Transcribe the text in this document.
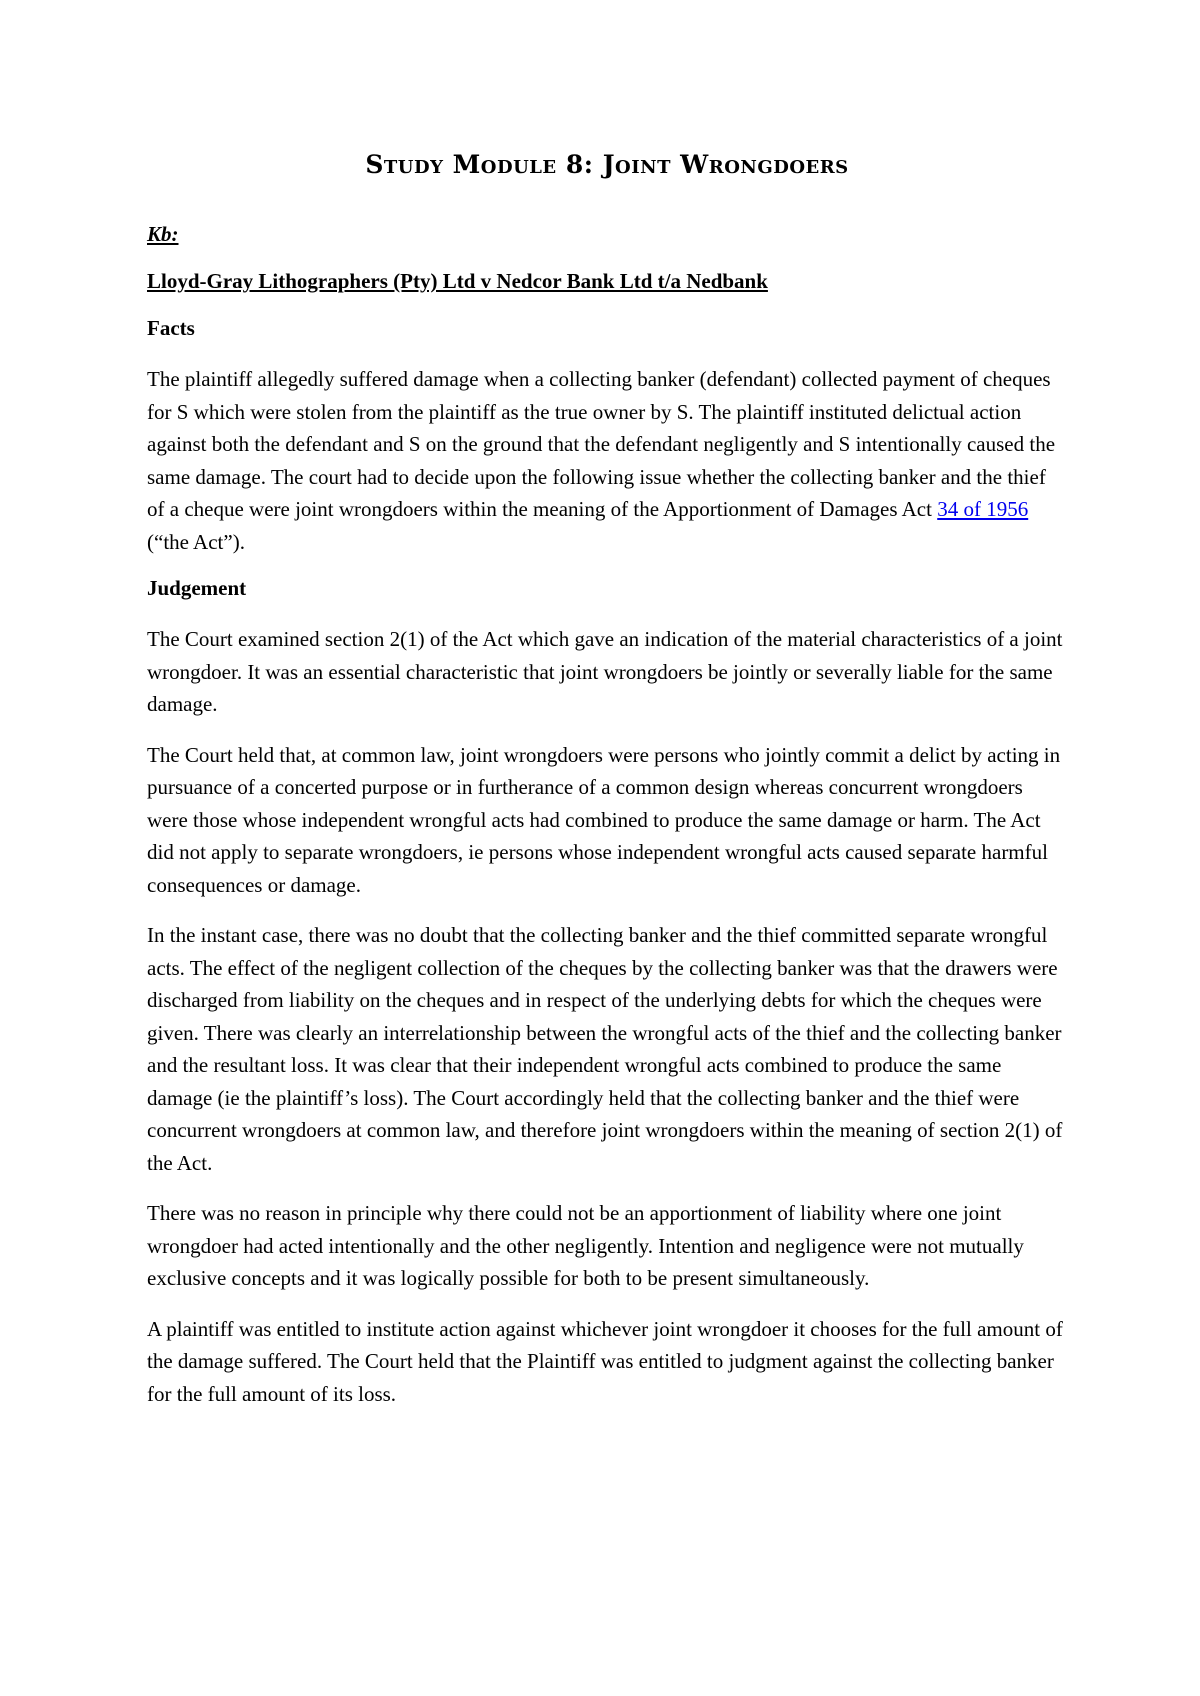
Study Module 8: Joint Wrongdoers

Kb:

Lloyd-Gray Lithographers (Pty) Ltd v Nedcor Bank Ltd t/a Nedbank

Facts

The plaintiff allegedly suffered damage when a collecting banker (defendant) collected payment of cheques for S which were stolen from the plaintiff as the true owner by S. The plaintiff instituted delictual action against both the defendant and S on the ground that the defendant negligently and S intentionally caused the same damage. The court had to decide upon the following issue whether the collecting banker and the thief of a cheque were joint wrongdoers within the meaning of the Apportionment of Damages Act 34 of 1956 (“the Act”).

Judgement

The Court examined section 2(1) of the Act which gave an indication of the material characteristics of a joint wrongdoer. It was an essential characteristic that joint wrongdoers be jointly or severally liable for the same damage.

The Court held that, at common law, joint wrongdoers were persons who jointly commit a delict by acting in pursuance of a concerted purpose or in furtherance of a common design whereas concurrent wrongdoers were those whose independent wrongful acts had combined to produce the same damage or harm. The Act did not apply to separate wrongdoers, ie persons whose independent wrongful acts caused separate harmful consequences or damage.

In the instant case, there was no doubt that the collecting banker and the thief committed separate wrongful acts. The effect of the negligent collection of the cheques by the collecting banker was that the drawers were discharged from liability on the cheques and in respect of the underlying debts for which the cheques were given. There was clearly an interrelationship between the wrongful acts of the thief and the collecting banker and the resultant loss. It was clear that their independent wrongful acts combined to produce the same damage (ie the plaintiff’s loss). The Court accordingly held that the collecting banker and the thief were concurrent wrongdoers at common law, and therefore joint wrongdoers within the meaning of section 2(1) of the Act.

There was no reason in principle why there could not be an apportionment of liability where one joint wrongdoer had acted intentionally and the other negligently. Intention and negligence were not mutually exclusive concepts and it was logically possible for both to be present simultaneously.

A plaintiff was entitled to institute action against whichever joint wrongdoer it chooses for the full amount of the damage suffered. The Court held that the Plaintiff was entitled to judgment against the collecting banker for the full amount of its loss.
